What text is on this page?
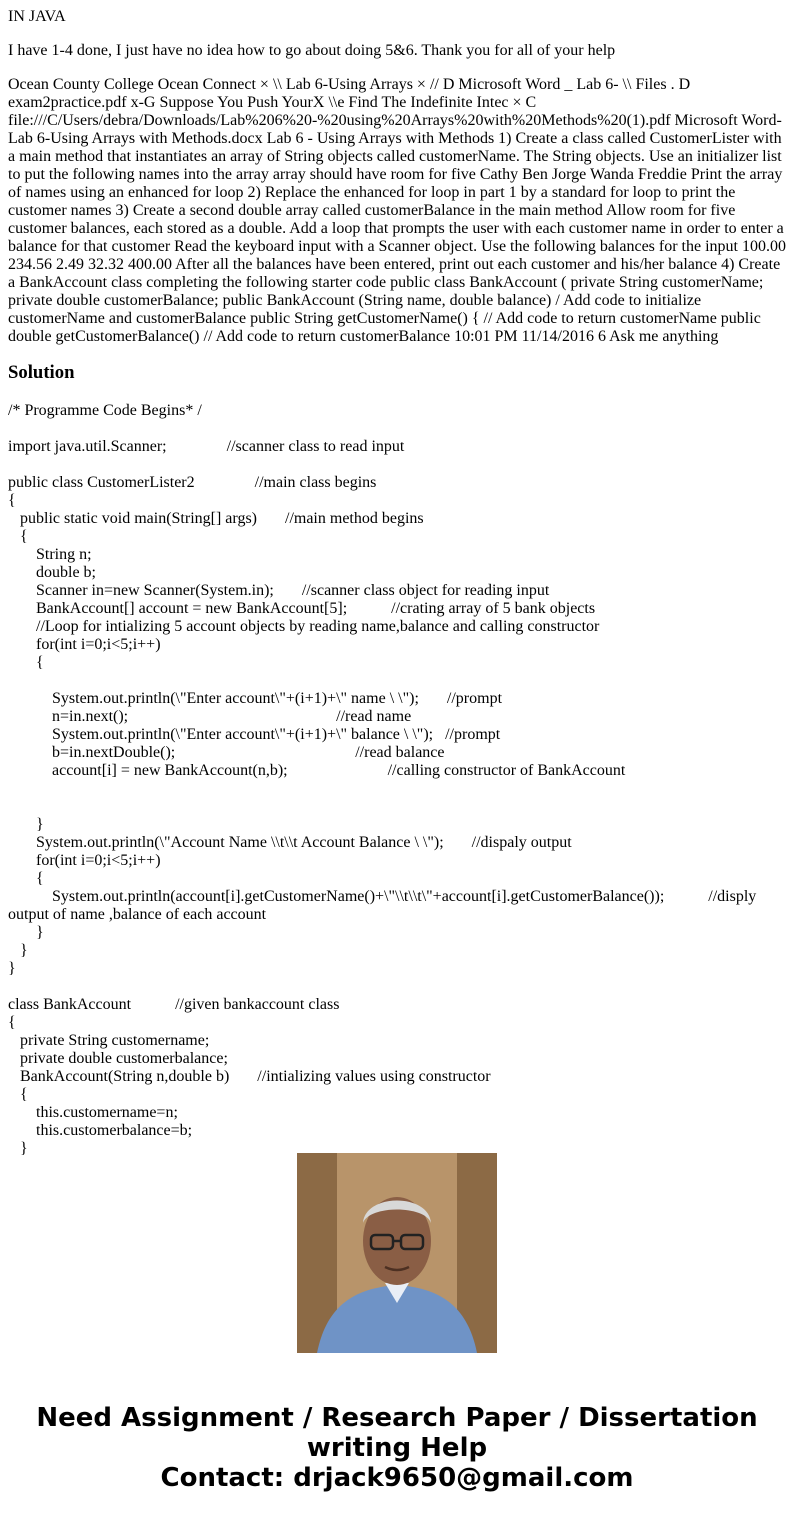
IN JAVA

I have 1-4 done, I just have no idea how to go about doing 5&6. Thank you for all of your help

Ocean County College Ocean Connect × \\ Lab 6-Using Arrays × // D Microsoft Word _ Lab 6- \\ Files . D exam2practice.pdf x-G Suppose You Push YourX \\e Find The Indefinite Intec × C file:///C/Users/debra/Downloads/Lab%206%20-%20using%20Arrays%20with%20Methods%20(1).pdf Microsoft Word- Lab 6-Using Arrays with Methods.docx Lab 6 - Using Arrays with Methods 1) Create a class called CustomerLister with a main method that instantiates an array of String objects called customerName. The String objects. Use an initializer list to put the following names into the array array should have room for five Cathy Ben Jorge Wanda Freddie Print the array of names using an enhanced for loop 2) Replace the enhanced for loop in part 1 by a standard for loop to print the customer names 3) Create a second double array called customerBalance in the main method Allow room for five customer balances, each stored as a double. Add a loop that prompts the user with each customer name in order to enter a balance for that customer Read the keyboard input with a Scanner object. Use the following balances for the input 100.00 234.56 2.49 32.32 400.00 After all the balances have been entered, print out each customer and his/her balance 4) Create a BankAccount class completing the following starter code public class BankAccount ( private String customerName; private double customerBalance; public BankAccount (String name, double balance) / Add code to initialize customerName and customerBalance public String getCustomerName() { // Add code to return customerName public double getCustomerBalance() // Add code to return customerBalance 10:01 PM 11/14/2016 6 Ask me anything

Solution
/* Programme Code Begins* /
import java.util.Scanner;               //scanner class to read input
public class CustomerLister2               //main class begins
{
public static void main(String[] args)       //main method begins
{
String n;
double b;
Scanner in=new Scanner(System.in);       //scanner class object for reading input
BankAccount[] account = new BankAccount[5];           //crating array of 5 bank objects
//Loop for intializing 5 account objects by reading name,balance and calling constructor
for(int i=0;i<5;i++)
{
System.out.println(\"Enter account\"+(i+1)+\" name \ \");       //prompt
n=in.next();                                                    //read name
System.out.println(\"Enter account\"+(i+1)+\" balance \ \");   //prompt
b=in.nextDouble();                                             //read balance
account[i] = new BankAccount(n,b);                         //calling constructor of BankAccount
}
System.out.println(\"Account Name \\t\\t Account Balance \ \");       //dispaly output
for(int i=0;i<5;i++)
{
System.out.println(account[i].getCustomerName()+\"\\t\\t\"+account[i].getCustomerBalance());           //disply output of name ,balance of each account
}
}
}
class BankAccount           //given bankaccount class
{
private String customername;
private double customerbalance;
BankAccount(String n,double b)       //intializing values using constructor
{
this.customername=n;
this.customerbalance=b;
}
Need Assignment / Research Paper / Dissertation writing Help
Contact: drjack9650@gmail.com
